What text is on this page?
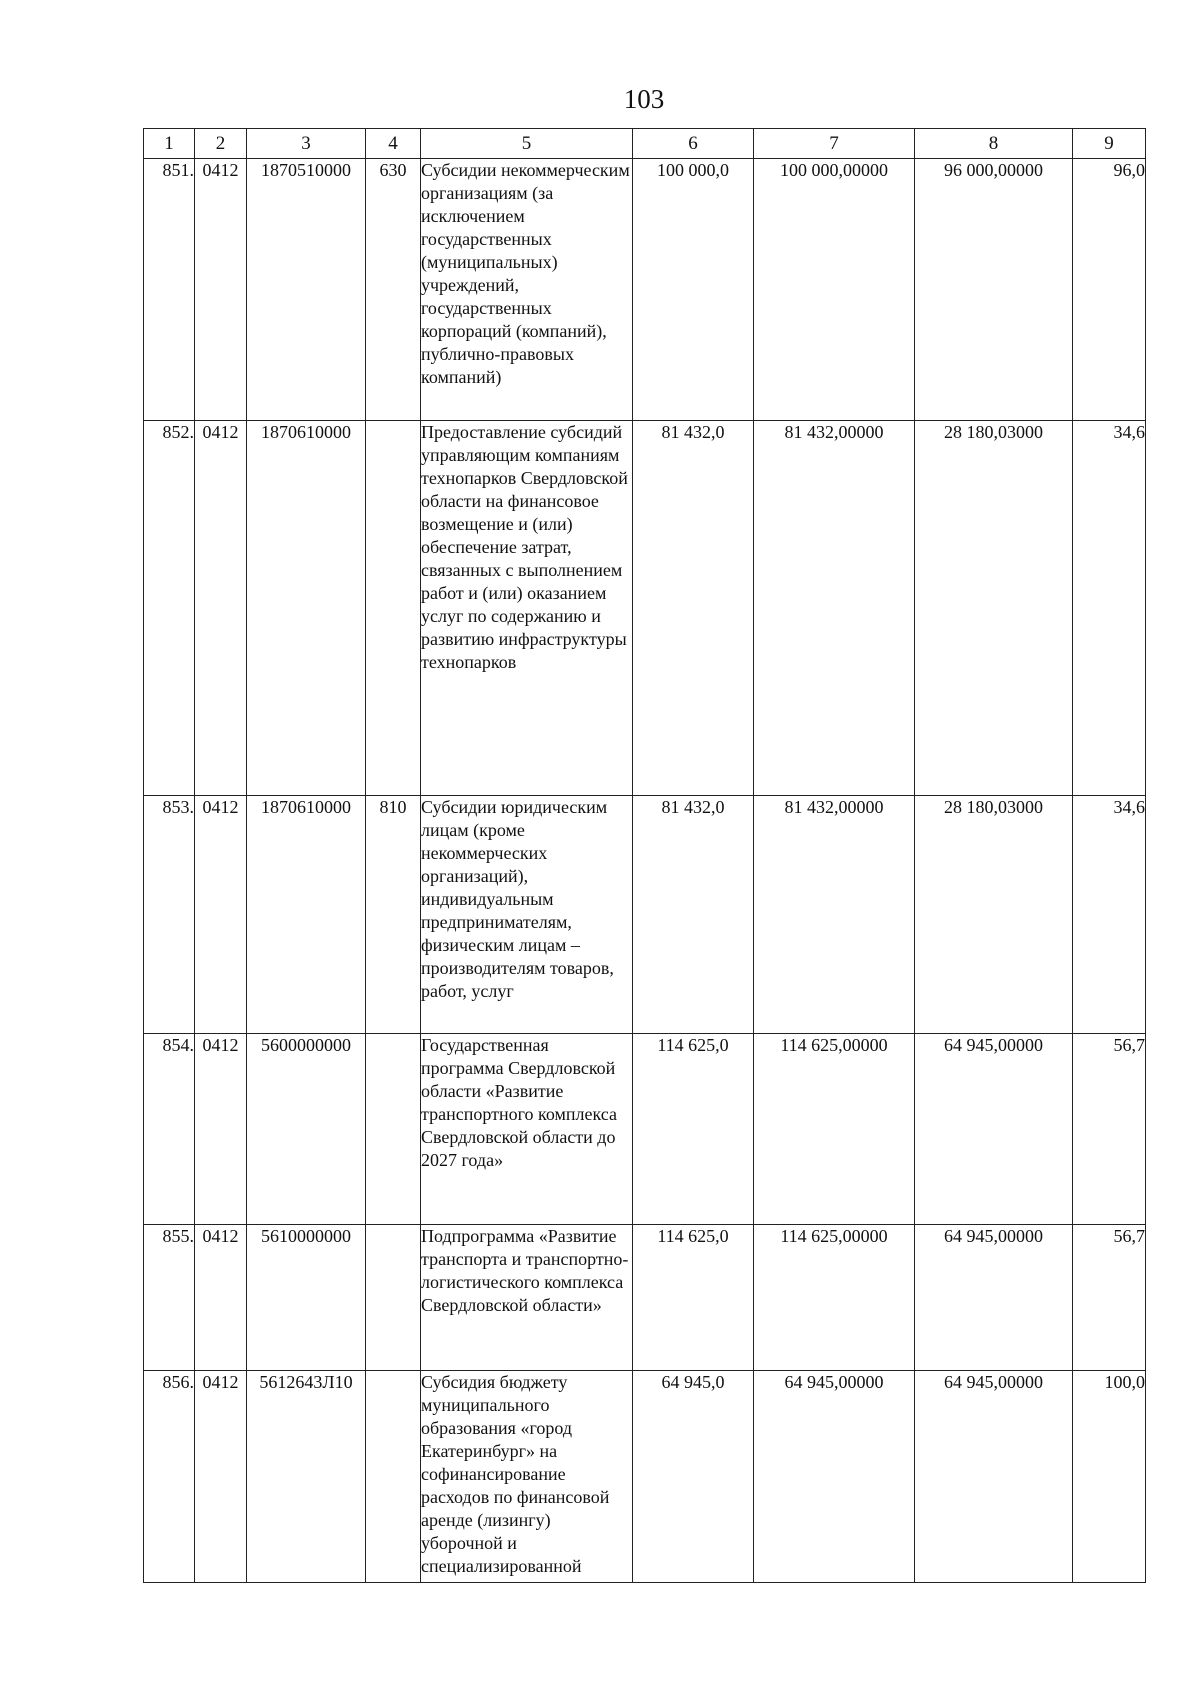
103
1	2	3	4	5	6	7	8	9
851.	0412	1870510000	630	Субсидии некоммерческим организациям (за исключением государственных (муниципальных) учреждений, государственных корпораций (компаний), публично-правовых компаний)	100 000,0	100 000,00000	96 000,00000	96,0
852.	0412	1870610000		Предоставление субсидий управляющим компаниям технопарков Свердловской области на финансовое возмещение и (или) обеспечение затрат, связанных с выполнением работ и (или) оказанием услуг по содержанию и развитию инфраструктуры технопарков	81 432,0	81 432,00000	28 180,03000	34,6
853.	0412	1870610000	810	Субсидии юридическим лицам (кроме некоммерческих организаций), индивидуальным предпринимателям, физическим лицам – производителям товаров, работ, услуг	81 432,0	81 432,00000	28 180,03000	34,6
854.	0412	5600000000		Государственная программа Свердловской области «Развитие транспортного комплекса Свердловской области до 2027 года»	114 625,0	114 625,00000	64 945,00000	56,7
855.	0412	5610000000		Подпрограмма «Развитие транспорта и транспортно-логистического комплекса Свердловской области»	114 625,0	114 625,00000	64 945,00000	56,7
856.	0412	5612643Л10		Субсидия бюджету муниципального образования «город Екатеринбург» на софинансирование расходов по финансовой аренде (лизингу) уборочной и специализированной	64 945,0	64 945,00000	64 945,00000	100,0
